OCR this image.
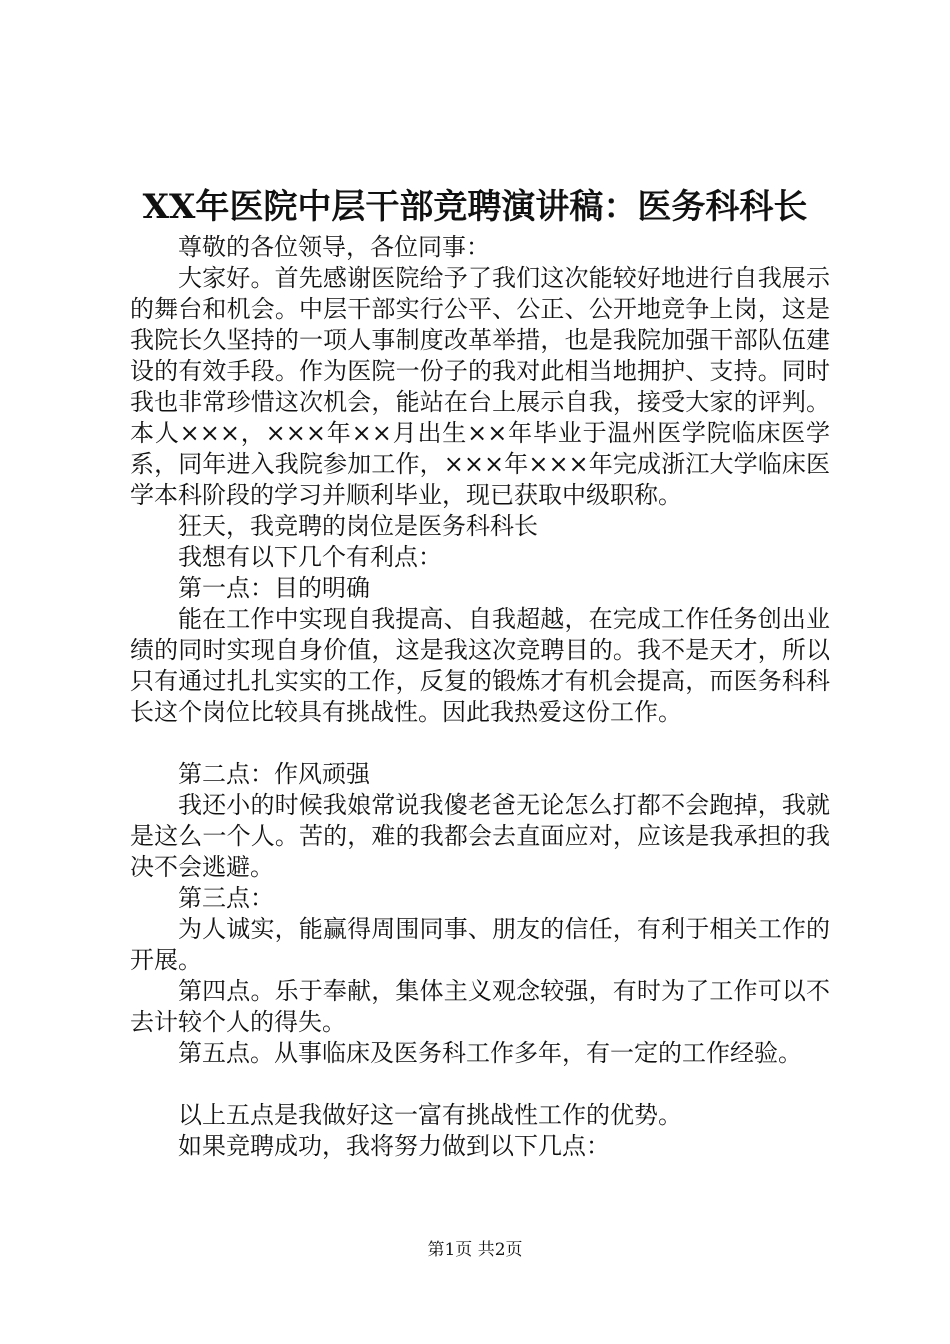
XX年医院中层干部竞聘演讲稿：医务科科长

尊敬的各位领导，各位同事：

大家好。首先感谢医院给予了我们这次能较好地进行自我展示的舞台和机会。中层干部实行公平、公正、公开地竞争上岗，这是我院长久坚持的一项人事制度改革举措，也是我院加强干部队伍建设的有效手段。作为医院一份子的我对此相当地拥护、支持。同时我也非常珍惜这次机会，能站在台上展示自我，接受大家的评判。本人×××，×××年××月出生××年毕业于温州医学院临床医学系，同年进入我院参加工作，×××年×××年完成浙江大学临床医学本科阶段的学习并顺利毕业，现已获取中级职称。

狂天，我竞聘的岗位是医务科科长

我想有以下几个有利点：

第一点：目的明确

能在工作中实现自我提高、自我超越，在完成工作任务创出业绩的同时实现自身价值，这是我这次竞聘目的。我不是天才，所以只有通过扎扎实实的工作，反复的锻炼才有机会提高，而医务科科长这个岗位比较具有挑战性。因此我热爱这份工作。

第二点：作风顽强

我还小的时候我娘常说我傻老爸无论怎么打都不会跑掉，我就是这么一个人。苦的，难的我都会去直面应对，应该是我承担的我决不会逃避。

第三点：

为人诚实，能赢得周围同事、朋友的信任，有利于相关工作的开展。

第四点。乐于奉献，集体主义观念较强，有时为了工作可以不去计较个人的得失。

第五点。从事临床及医务科工作多年，有一定的工作经验。

以上五点是我做好这一富有挑战性工作的优势。

如果竞聘成功，我将努力做到以下几点：

第1页 共2页
